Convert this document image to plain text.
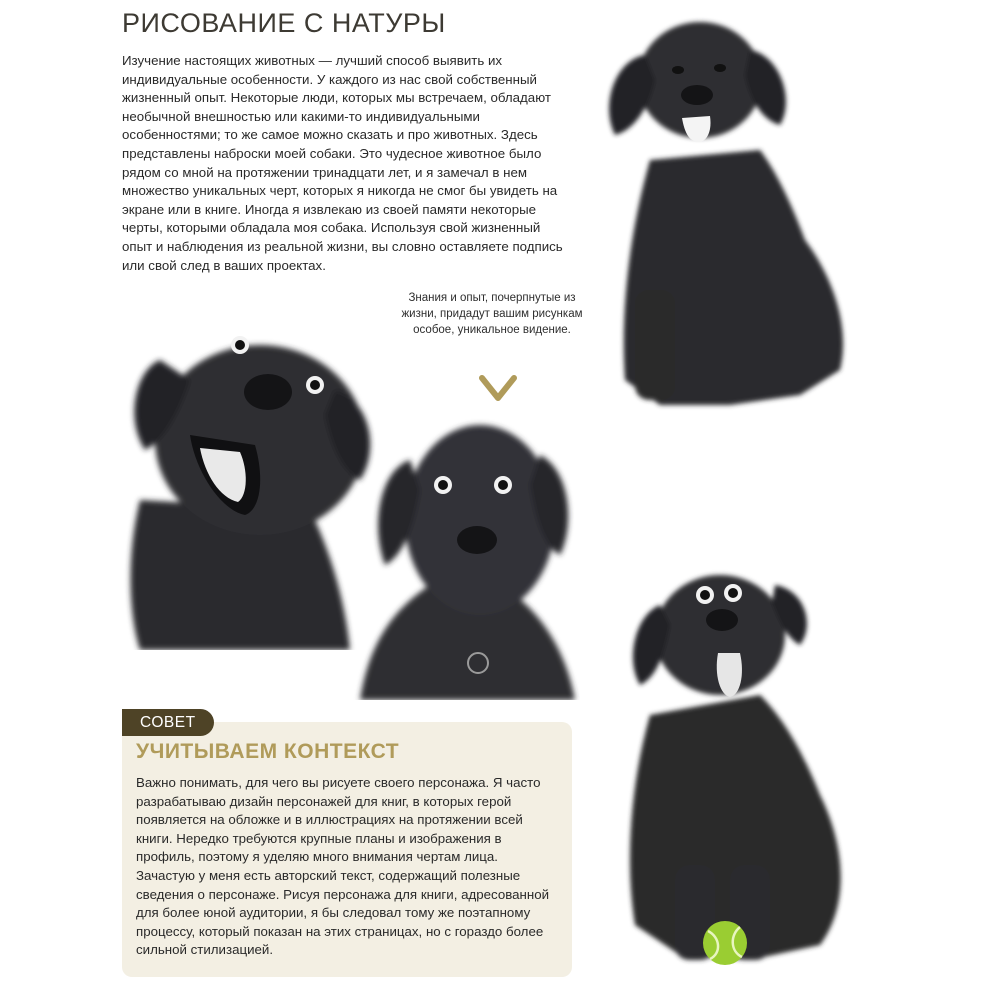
РИСОВАНИЕ С НАТУРЫ

Изучение настоящих животных — лучший способ выявить их индивидуальные особенности. У каждого из нас свой собственный жизненный опыт. Некоторые люди, которых мы встречаем, обладают необычной внешностью или какими-то индивидуальными особенностями; то же самое можно сказать и про животных. Здесь представлены наброски моей собаки. Это чудесное животное было рядом со мной на протяжении тринадцати лет, и я замечал в нем множество уникальных черт, которых я никогда не смог бы увидеть на экране или в книге. Иногда я извлекаю из своей памяти некоторые черты, которыми обладала моя собака. Используя свой жизненный опыт и наблюдения из реальной жизни, вы словно оставляете подпись или свой след в ваших проектах.

Знания и опыт, почерпнутые из жизни, придадут вашим рисункам особое, уникальное видение.

СОВЕТ
УЧИТЫВАЕМ КОНТЕКСТ

Важно понимать, для чего вы рисуете своего персонажа. Я часто разрабатываю дизайн персонажей для книг, в которых герой появляется на обложке и в иллюстрациях на протяжении всей книги. Нередко требуются крупные планы и изображения в профиль, поэтому я уделяю много внимания чертам лица. Зачастую у меня есть авторский текст, содержащий полезные сведения о персонаже. Рисуя персонажа для книги, адресованной для более юной аудитории, я бы следовал тому же поэтапному процессу, который показан на этих страницах, но с гораздо более сильной стилизацией.
